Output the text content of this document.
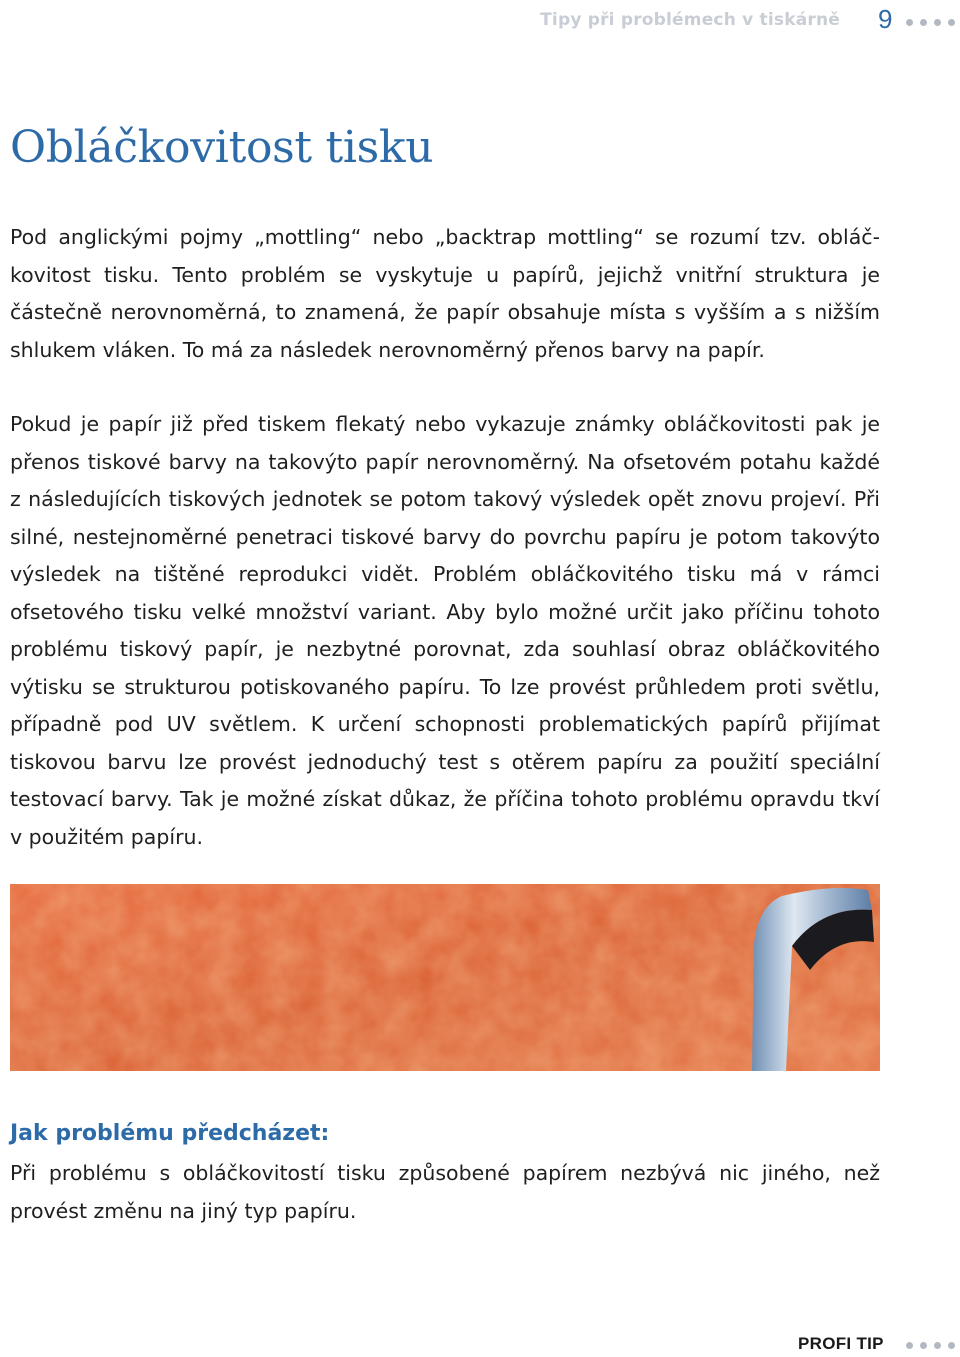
Tipy při problémech v tiskárně 9
Obláčkovitost tisku

Pod anglickými pojmy „mottling“ nebo „backtrap mottling“ se rozumí tzv. obláčkovitost tisku. Tento problém se vyskytuje u papírů, jejichž vnitřní struktura je částečně nerovnoměrná, to znamená, že papír obsahuje místa s vyšším a s nižším shlukem vláken. To má za následek nerovnoměrný přenos barvy na papír.

Pokud je papír již před tiskem flekatý nebo vykazuje známky obláčkovitosti pak je přenos tiskové barvy na takovýto papír nerovnoměrný. Na ofsetovém potahu každé z následujících tiskových jednotek se potom takový výsledek opět znovu projeví. Při silné, nestejnoměrné penetraci tiskové barvy do povrchu papíru je potom takovýto výsledek na tištěné reprodukci vidět. Problém obláčkovitého tisku má v rámci ofsetového tisku velké množství variant. Aby bylo možné určit jako příčinu tohoto problému tiskový papír, je nezbytné porovnat, zda souhlasí obraz obláčkovitého výtisku se strukturou potiskovaného papíru. To lze provést průhledem proti světlu, případně pod UV světlem. K určení schopnosti problematických papírů přijímat tiskovou barvu lze provést jednoduchý test s otěrem papíru za použití speciální testovací barvy. Tak je možné získat důkaz, že příčina tohoto problému opravdu tkví v použitém papíru.

Jak problému předcházet:

Při problému s obláčkovitostí tisku způsobené papírem nezbývá nic jiného, než provést změnu na jiný typ papíru.

PROFI TIP
